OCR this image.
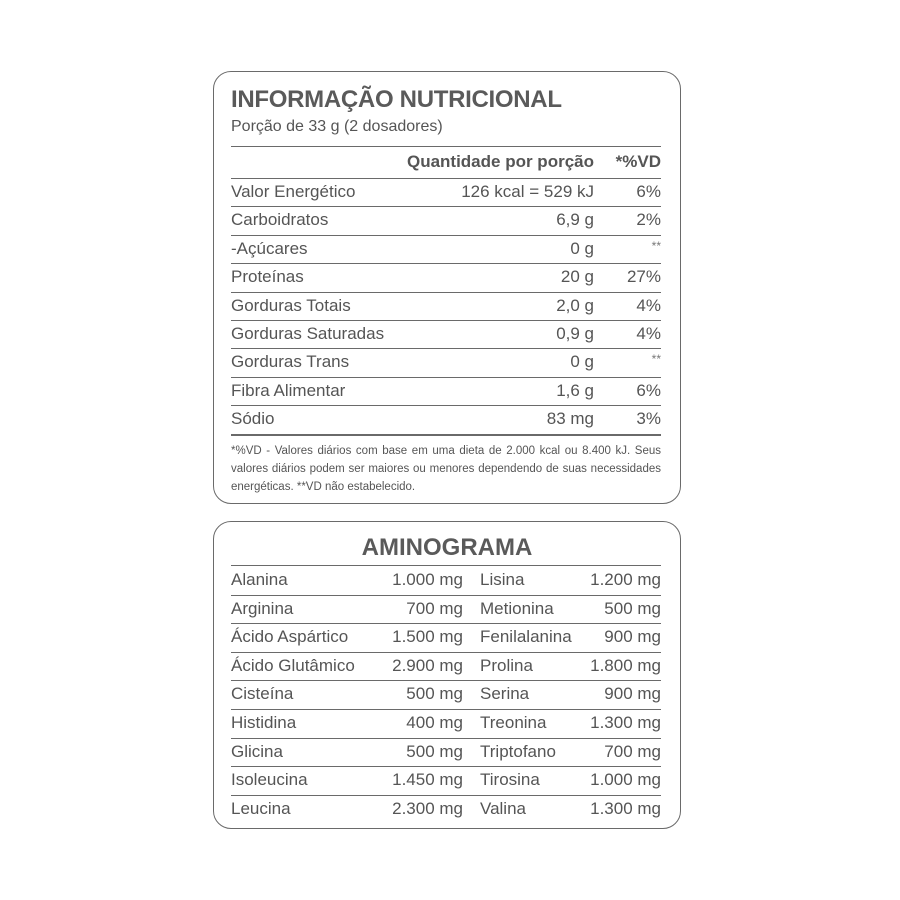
INFORMAÇÃO NUTRICIONAL
Porção de 33 g (2 dosadores)
Quantidade por porção *%VD
Valor Energético	126 kcal = 529 kJ 6%
Carboidratos	6,9 g 2%
-Açúcares	0 g	**
Proteínas	20 g 27%
Gorduras Totais	2,0 g 4%
Gorduras Saturadas	0,9 g 4%
Gorduras Trans	0 g	**
Fibra Alimentar	1,6 g 6%
Sódio	83 mg 3%
*%VD - Valores diários com base em uma dieta de 2.000 kcal ou 8.400 kJ. Seus valores diários podem ser maiores ou menores dependendo de suas necessidades energéticas. **VD não estabelecido.
AMINOGRAMA
Alanina	1.000 mg Lisina	1.200 mg
Arginina	700 mg Metionina	500 mg
Ácido Aspártico	1.500 mg Fenilalanina 900 mg
Ácido Glutâmico 2.900 mg Prolina	1.800 mg
Cisteína	500 mg Serina	900 mg
Histidina	400 mg Treonina	1.300 mg
Glicina	500 mg Triptofano	700 mg
Isoleucina	1.450 mg Tirosina	1.000 mg
Leucina	2.300 mg Valina	1.300 mg
